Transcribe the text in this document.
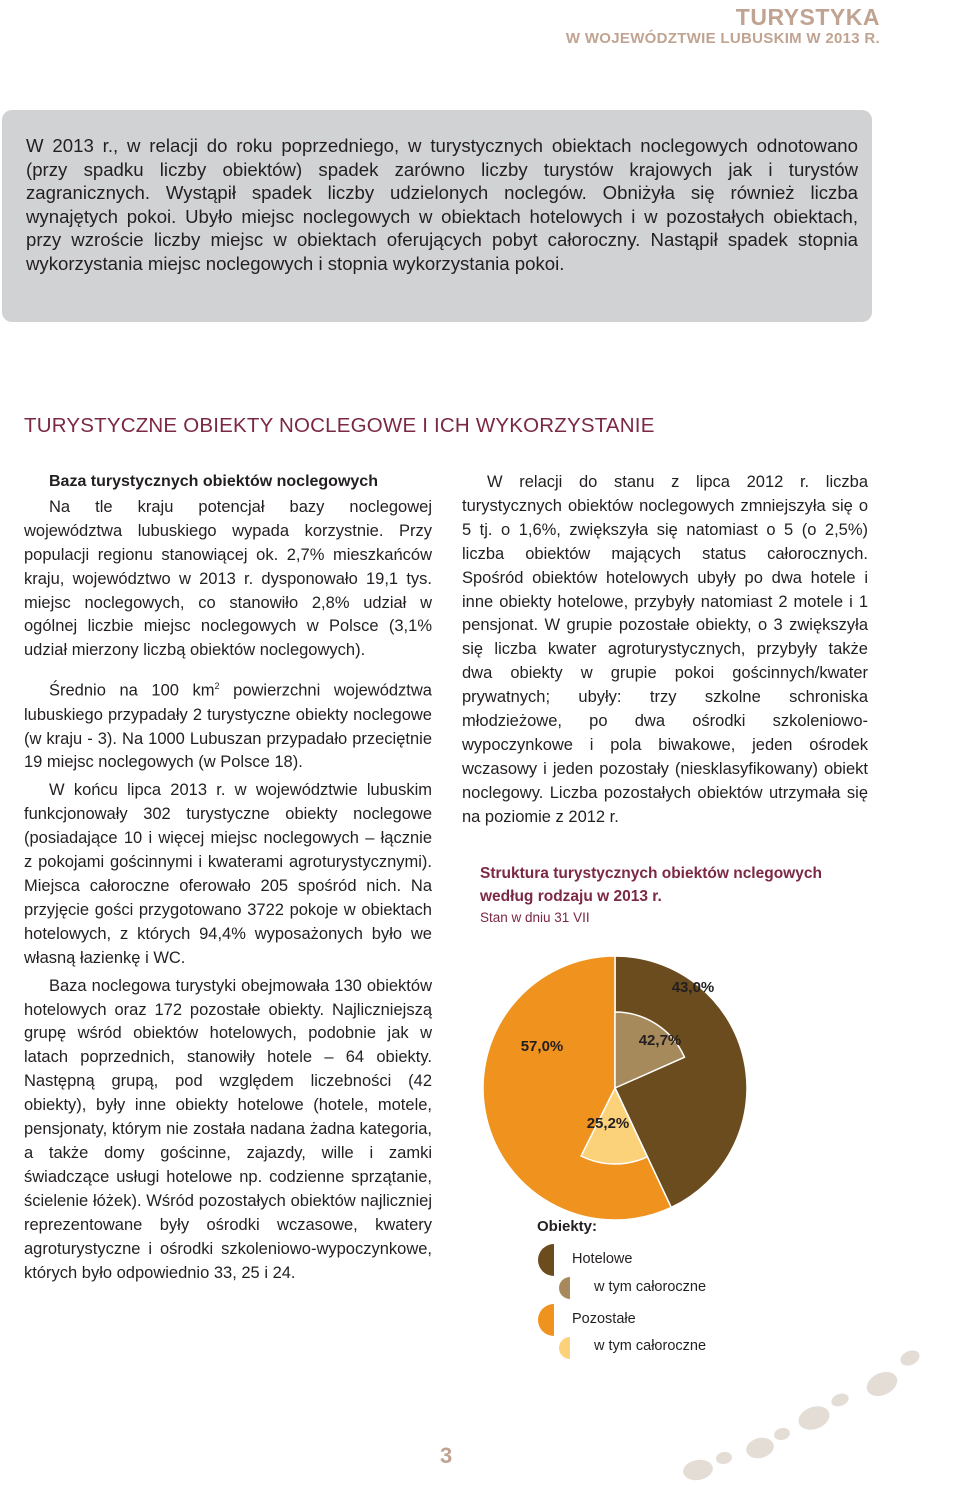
TURYSTYKA
W WOJEWÓDZTWIE LUBUSKIM W 2013 R.

W 2013 r., w relacji do roku poprzedniego, w turystycznych obiektach noclegowych odnotowano (przy spadku liczby obiektów) spadek zarówno liczby turystów krajowych jak i turystów zagranicznych. Wystąpił spadek liczby udzielonych noclegów. Obniżyła się również liczba wynajętych pokoi. Ubyło miejsc noclegowych w obiektach hotelowych i w pozostałych obiektach, przy wzroście liczby miejsc w obiektach oferujących pobyt całoroczny. Nastąpił spadek stopnia wykorzystania miejsc noclegowych i stopnia wykorzystania pokoi.

TURYSTYCZNE OBIEKTY NOCLEGOWE I ICH WYKORZYSTANIE
Baza turystycznych obiektów noclegowych

Na tle kraju potencjał bazy noclegowej województwa lubuskiego wypada korzystnie. Przy populacji regionu stanowiącej ok. 2,7% mieszkańców kraju, województwo w 2013 r. dysponowało 19,1 tys. miejsc noclegowych, co stanowiło 2,8% udział w ogólnej liczbie miejsc noclegowych w Polsce (3,1% udział mierzony liczbą obiektów noclegowych).

Średnio na 100 $km^2$ powierzchni województwa lubuskiego przypadały 2 turystyczne obiekty noclegowe (w kraju - 3). Na 1000 Lubuszan przypadało przeciętnie 19 miejsc noclegowych (w Polsce 18).

W końcu lipca 2013 r. w województwie lubuskim funkcjonowały 302 turystyczne obiekty noclegowe (posiadające 10 i więcej miejsc noclegowych – łącznie z pokojami gościnnymi i kwaterami agroturystycznymi). Miejsca całoroczne oferowało 205 spośród nich. Na przyjęcie gości przygotowano 3722 pokoje w obiektach hotelowych, z których 94,4% wyposażonych było we własną łazienkę i WC.

Baza noclegowa turystyki obejmowała 130 obiektów hotelowych oraz 172 pozostałe obiekty. Najliczniejszą grupę wśród obiektów hotelowych, podobnie jak w latach poprzednich, stanowiły hotele – 64 obiekty. Następną grupą, pod względem liczebności (42 obiekty), były inne obiekty hotelowe (hotele, motele, pensjonaty, którym nie została nadana żadna kategoria, a także domy gościnne, zajazdy, wille i zamki świadczące usługi hotelowe np. codzienne sprzątanie, ścielenie łóżek). Wśród pozostałych obiektów najliczniej reprezentowane były ośrodki wczasowe, kwatery agroturystyczne i ośrodki szkoleniowo-wypoczynkowe, których było odpowiednio 33, 25 i 24.

W relacji do stanu z lipca 2012 r. liczba turystycznych obiektów noclegowych zmniejszyła się o 5 tj. o 1,6%, zwiększyła się natomiast o 5 (o 2,5%) liczba obiektów mających status całorocznych. Spośród obiektów hotelowych ubyły po dwa hotele i inne obiekty hotelowe, przybyły natomiast 2 motele i 1 pensjonat. W grupie pozostałe obiekty, o 3 zwiększyła się liczba kwater agroturystycznych, przybyły także dwa obiekty w grupie pokoi gościnnych/kwater prywatnych; ubyły: trzy szkolne schroniska młodzieżowe, po dwa ośrodki szkoleniowo-wypoczynkowe i pola biwakowe, jeden ośrodek wczasowy i jeden pozostały (niesklasyfikowany) obiekt noclegowy. Liczba pozostałych obiektów utrzymała się na poziomie z 2012 r.

Struktura turystycznych obiektów nclegowych
według rodzaju w 2013 r.
Stan w dniu 31 VII
43,0%
57,0%	42,7%
25,2%
Obiekty:
Hotelowe
w tym całoroczne
Pozostałe
w tym całoroczne
3
